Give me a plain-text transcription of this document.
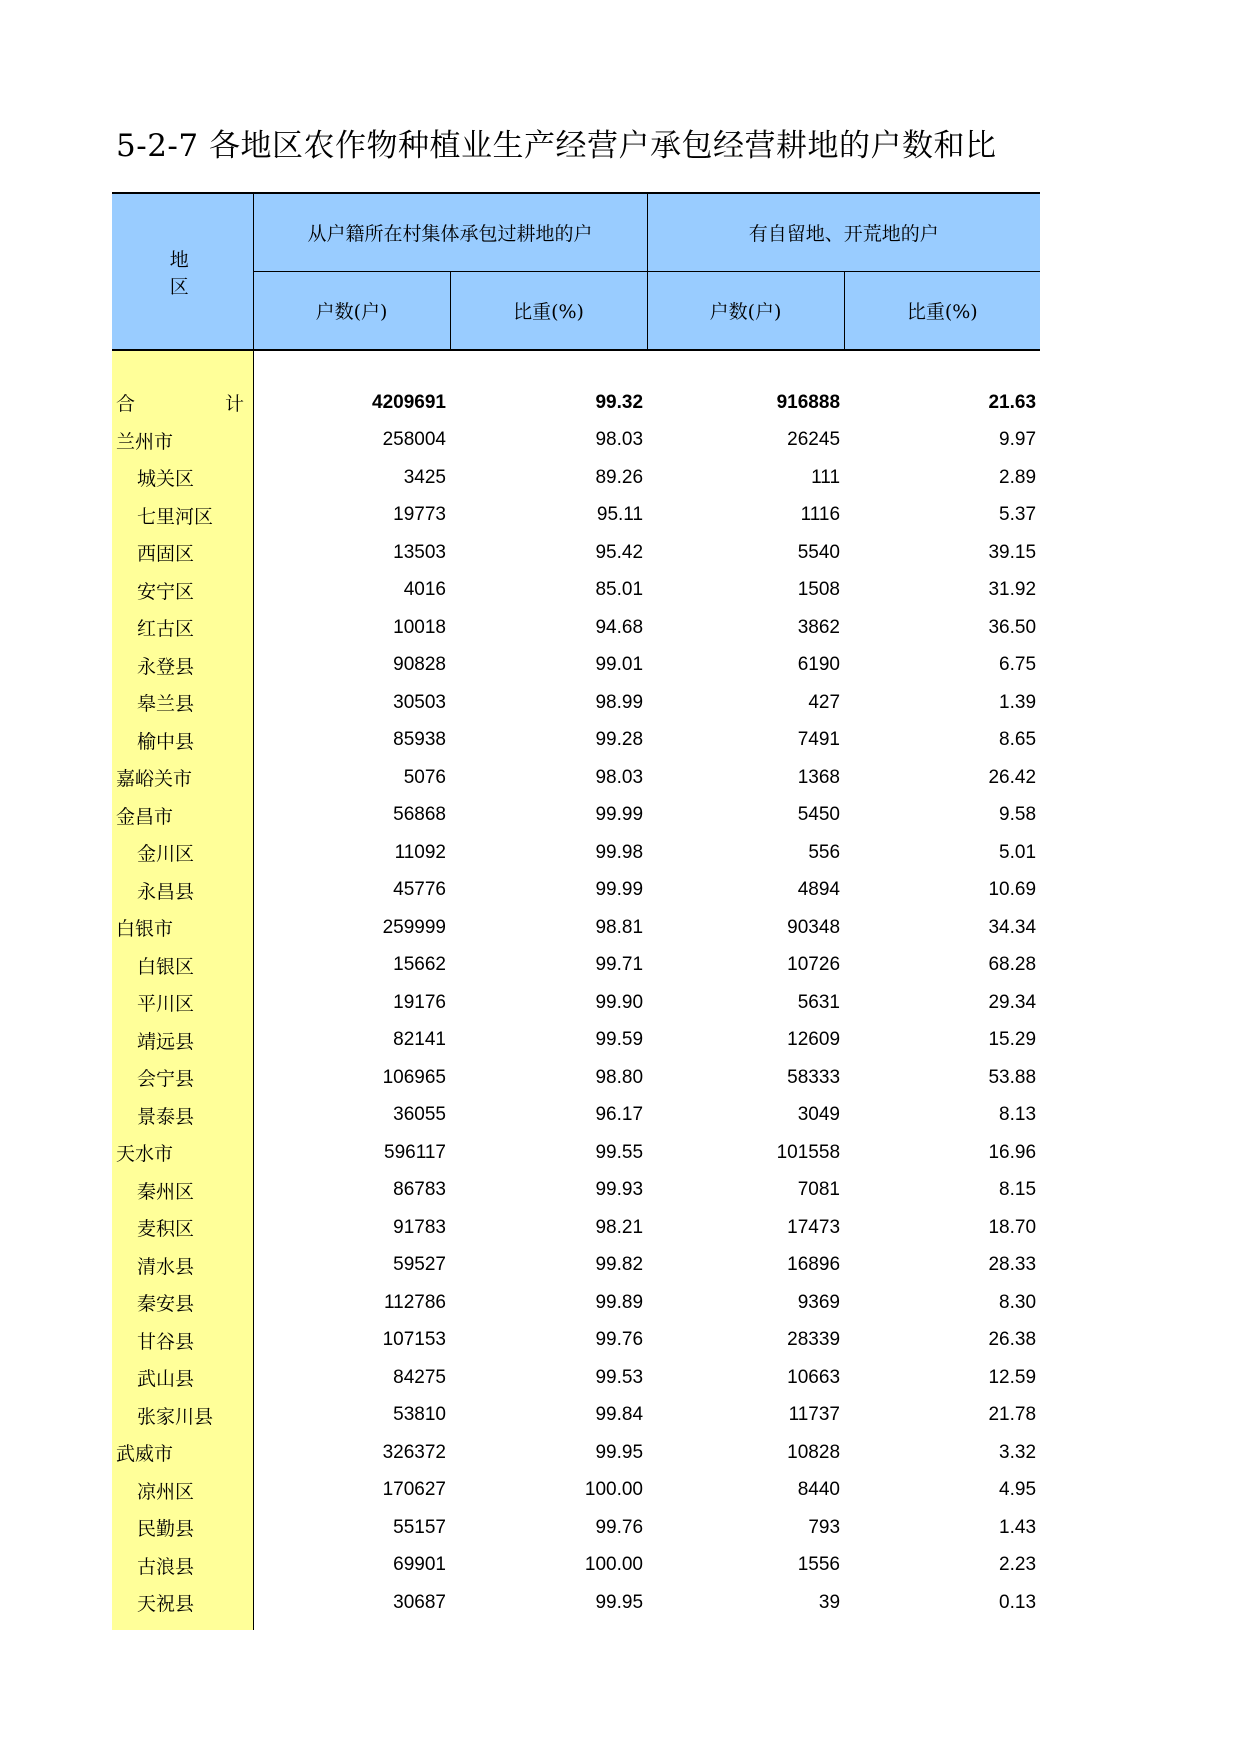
5-2-7 各地区农作物种植业生产经营户承包经营耕地的户数和比
地 区	从户籍所在村集体承包过耕地的户		有自留地、开荒地的户	
	户数(户)	比重(%)	户数(户)	比重(%)

合 计	4209691	99.32	916888	21.63
兰州市	258004	98.03	26245	9.97
城关区	3425	89.26	111	2.89
七里河区	19773	95.11	1116	5.37
西固区	13503	95.42	5540	39.15
安宁区	4016	85.01	1508	31.92
红古区	10018	94.68	3862	36.50
永登县	90828	99.01	6190	6.75
皋兰县	30503	98.99	427	1.39
榆中县	85938	99.28	7491	8.65
嘉峪关市	5076	98.03	1368	26.42
金昌市	56868	99.99	5450	9.58
金川区	11092	99.98	556	5.01
永昌县	45776	99.99	4894	10.69
白银市	259999	98.81	90348	34.34
白银区	15662	99.71	10726	68.28
平川区	19176	99.90	5631	29.34
靖远县	82141	99.59	12609	15.29
会宁县	106965	98.80	58333	53.88
景泰县	36055	96.17	3049	8.13
天水市	596117	99.55	101558	16.96
秦州区	86783	99.93	7081	8.15
麦积区	91783	98.21	17473	18.70
清水县	59527	99.82	16896	28.33
秦安县	112786	99.89	9369	8.30
甘谷县	107153	99.76	28339	26.38
武山县	84275	99.53	10663	12.59
张家川县	53810	99.84	11737	21.78
武威市	326372	99.95	10828	3.32
凉州区	170627	100.00	8440	4.95
民勤县	55157	99.76	793	1.43
古浪县	69901	100.00	1556	2.23
天祝县	30687	99.95	39	0.13
